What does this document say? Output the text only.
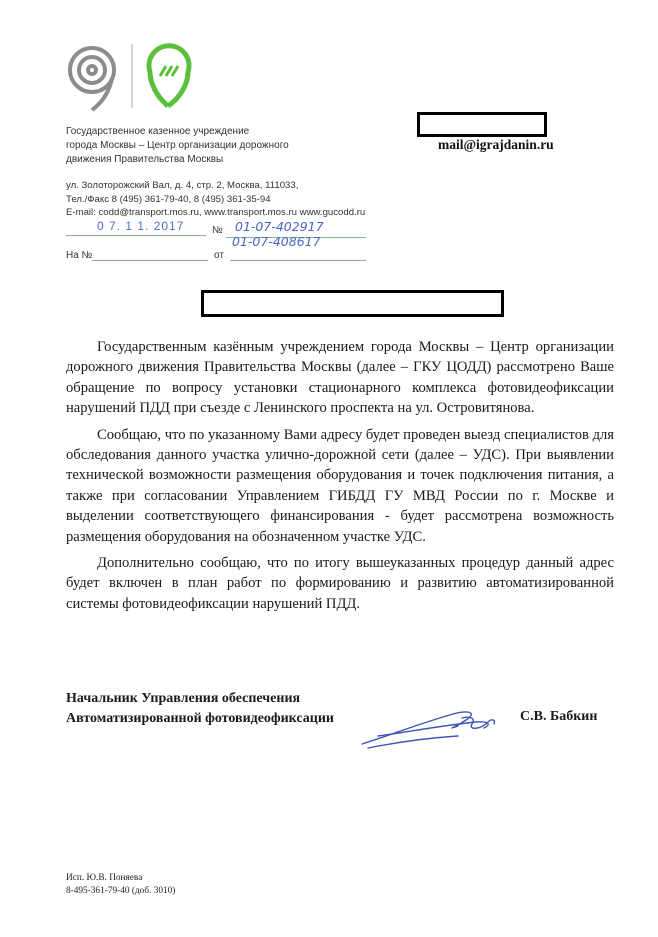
Государственное казенное учреждение
города Москвы – Центр организации дорожного
движения Правительства Москвы
ул. Золоторожский Вал, д. 4, стр. 2, Москва, 111033,
Тел./Факс 8 (495) 361-79-40, 8 (495) 361-35-94
E-mail: codd@transport.mos.ru, www.transport.mos.ru www.gucodd.ru
0 7. 1 1. 2017	№ 01-07-402917
01-07-408617
На №	от
mail@igrajdanin.ru

Государственным казённым учреждением города Москвы – Центр организации дорожного движения Правительства Москвы (далее – ГКУ ЦОДД) рассмотрено Ваше обращение по вопросу установки стационарного комплекса фотовидеофиксации нарушений ПДД при съезде с Ленинского проспекта на ул. Островитянова.

Сообщаю, что по указанному Вами адресу будет проведен выезд специалистов для обследования данного участка улично-дорожной сети (далее – УДС). При выявлении технической возможности размещения оборудования и точек подключения питания, а также при согласовании Управлением ГИБДД ГУ МВД России по г. Москве и выделении соответствующего финансирования - будет рассмотрена возможность размещения оборудования на обозначенном участке УДС.

Дополнительно сообщаю, что по итогу вышеуказанных процедур данный адрес будет включен в план работ по формированию и развитию автоматизированной системы фотовидеофиксации нарушений ПДД.

Начальник Управления обеспечения
Автоматизированной фотовидеофиксации	С.В. Бабкин
Исп. Ю.В. Поняева
8-495-361-79-40 (доб. 3010)
